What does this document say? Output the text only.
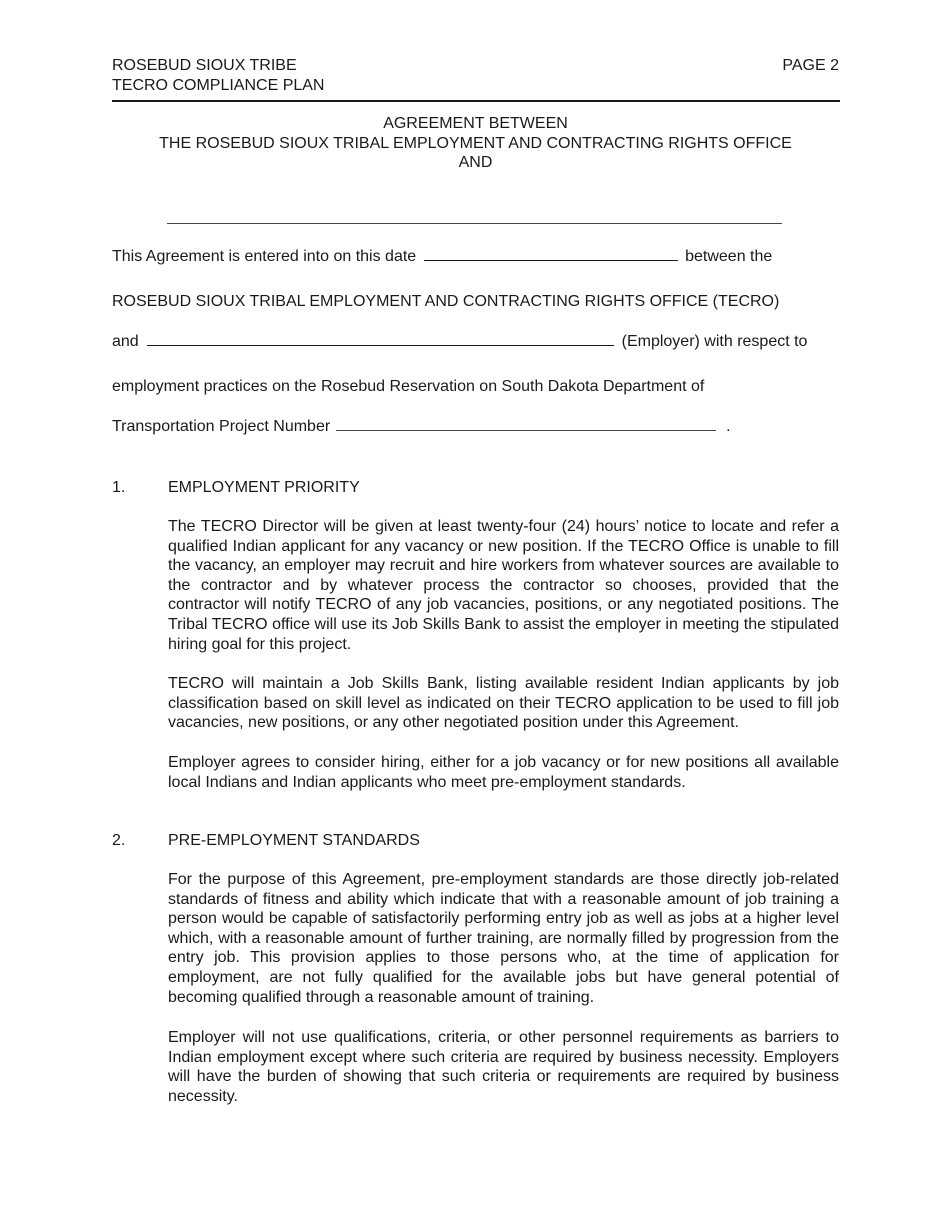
ROSEBUD SIOUX TRIBE
TECRO COMPLIANCE PLAN
PAGE 2
AGREEMENT BETWEEN
THE ROSEBUD SIOUX TRIBAL EMPLOYMENT AND CONTRACTING RIGHTS OFFICE
AND
This Agreement is entered into on this date	between the
ROSEBUD SIOUX TRIBAL EMPLOYMENT AND CONTRACTING RIGHTS OFFICE (TECRO)
and	(Employer) with respect to
employment practices on the Rosebud Reservation on South Dakota Department of
Transportation Project Number	.
1.	EMPLOYMENT PRIORITY
The TECRO Director will be given at least twenty-four (24) hours’ notice to locate and refer a qualified Indian applicant for any vacancy or new position. If the TECRO Office is unable to fill the vacancy, an employer may recruit and hire workers from whatever sources are available to the contractor and by whatever process the contractor so chooses, provided that the contractor will notify TECRO of any job vacancies, positions, or any negotiated positions. The Tribal TECRO office will use its Job Skills Bank to assist the employer in meeting the stipulated hiring goal for this project.
TECRO will maintain a Job Skills Bank, listing available resident Indian applicants by job classification based on skill level as indicated on their TECRO application to be used to fill job vacancies, new positions, or any other negotiated position under this Agreement.
Employer agrees to consider hiring, either for a job vacancy or for new positions all available local Indians and Indian applicants who meet pre-employment standards.
2.	PRE-EMPLOYMENT STANDARDS
For the purpose of this Agreement, pre-employment standards are those directly job-related standards of fitness and ability which indicate that with a reasonable amount of job training a person would be capable of satisfactorily performing entry job as well as jobs at a higher level which, with a reasonable amount of further training, are normally filled by progression from the entry job. This provision applies to those persons who, at the time of application for employment, are not fully qualified for the available jobs but have general potential of becoming qualified through a reasonable amount of training.
Employer will not use qualifications, criteria, or other personnel requirements as barriers to Indian employment except where such criteria are required by business necessity. Employers will have the burden of showing that such criteria or requirements are required by business necessity.
